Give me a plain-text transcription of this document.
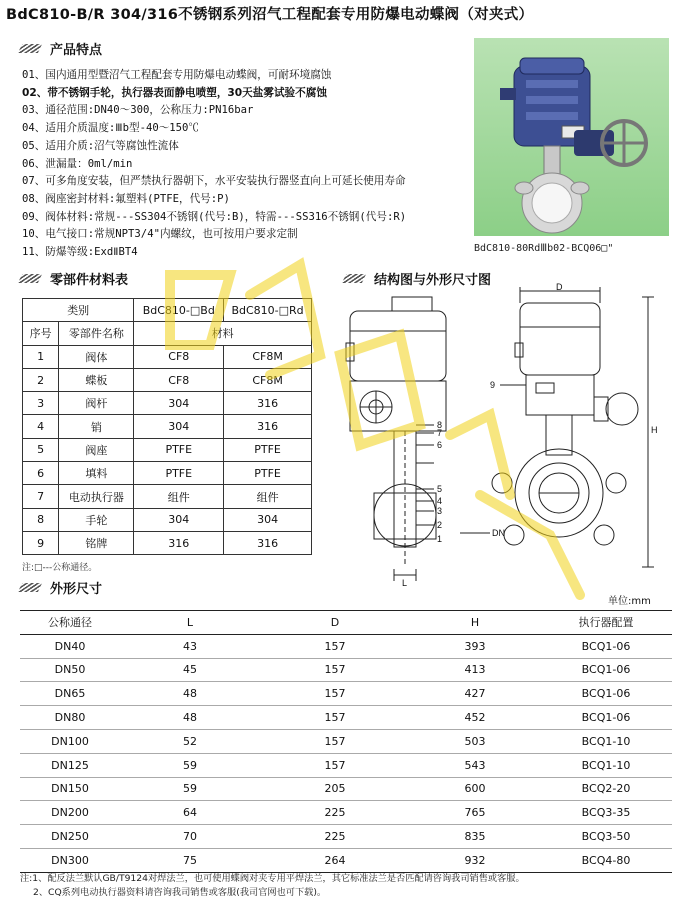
BdC810-B/R 304/316不锈钢系列沼气工程配套专用防爆电动蝶阀（对夹式）
产品特点
01、国内通用型暨沼气工程配套专用防爆电动蝶阀，可耐环境腐蚀
02、带不锈钢手轮，执行器表面静电喷塑，30天盐雾试验不腐蚀
03、通径范围:DN40～300，公称压力:PN16bar
04、适用介质温度:Ⅲb型-40～150℃
05、适用介质:沼气等腐蚀性流体
06、泄漏量：0ml/min
07、可多角度安装，但严禁执行器朝下，水平安装执行器竖直向上可延长使用寿命
08、阀座密封材料:氟塑料(PTFE，代号:P)
09、阀体材料:常规---SS304不锈钢(代号:B)，特需---SS316不锈钢(代号:R)
10、电气接口:常规NPT3/4"内螺纹，也可按用户要求定制
11、防爆等级:ExdⅡBT4	BdC810-80RdⅢb02-BCQ06□"
零部件材料表
类别		BdC810-□Bd	BdC810-□Rd
序号	零部件名称	材料	
1	阀体	CF8	CF8M
2	蝶板	CF8	CF8M
3	阀杆	304	316
4	销	304	316
5	阀座	PTFE	PTFE
6	填料	PTFE	PTFE
7	电动执行器	组件	组件
8	手轮	304	304
9	铭牌	316	316
注:□---公称通径。
结构图与外形尺寸图	D
H
L
DN
9
8
7
6
5
4
3
2
1
外形尺寸
单位:mm
公称通径	L	D	H	执行器配置
DN40	43	157	393	BCQ1-06
DN50	45	157	413	BCQ1-06
DN65	48	157	427	BCQ1-06
DN80	48	157	452	BCQ1-06
DN100	52	157	503	BCQ1-10
DN125	59	157	543	BCQ1-10
DN150	59	205	600	BCQ2-20
DN200	64	225	765	BCQ3-35
DN250	70	225	835	BCQ3-50
DN300	75	264	932	BCQ4-80
注:1、配反法兰默认GB/T9124对焊法兰，也可使用蝶阀对夹专用平焊法兰，其它标准法兰是否匹配请咨询我司销售或客服。
2、CQ系列电动执行器资料请咨询我司销售或客服(我司官网也可下载)。
